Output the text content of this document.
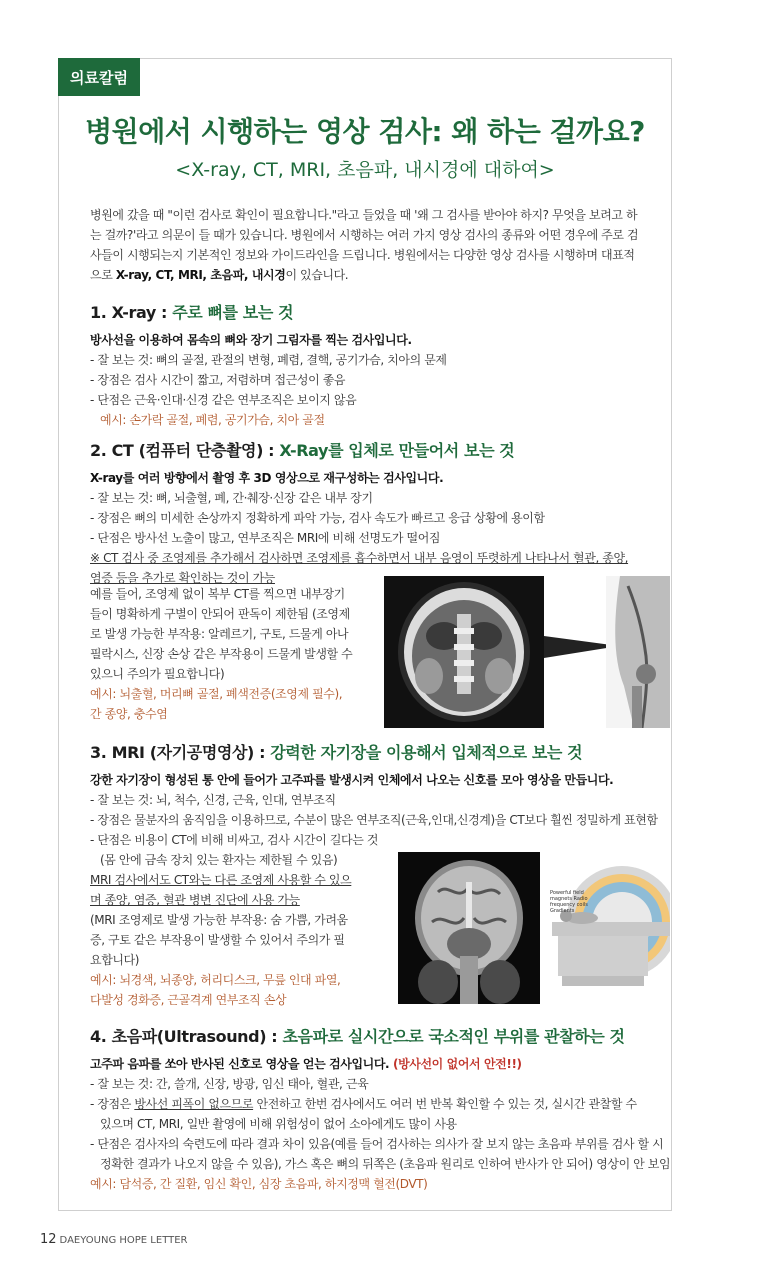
의료칼럼
병원에서 시행하는 영상 검사: 왜 하는 걸까요?
<X-ray, CT, MRI, 초음파, 내시경에 대하여>
병원에 갔을 때 "이런 검사로 확인이 필요합니다."라고 들었을 때 '왜 그 검사를 받아야 하지? 무엇을 보려고 하
는 걸까?'라고 의문이 들 때가 있습니다. 병원에서 시행하는 여러 가지 영상 검사의 종류와 어떤 경우에 주로 검
사들이 시행되는지 기본적인 정보와 가이드라인을 드립니다. 병원에서는 다양한 영상 검사를 시행하며 대표적
으로 X-ray, CT, MRI, 초음파, 내시경이 있습니다.
1. X-ray : 주로 뼈를 보는 것
방사선을 이용하여 몸속의 뼈와 장기 그림자를 찍는 검사입니다.
- 잘 보는 것: 뼈의 골절, 관절의 변형, 폐렴, 결핵, 공기가슴, 치아의 문제
- 장점은 검사 시간이 짧고, 저렴하며 접근성이 좋음
- 단점은 근육·인대·신경 같은 연부조직은 보이지 않음
예시: 손가락 골절, 폐렴, 공기가슴, 치아 골절
2. CT (컴퓨터 단층촬영) : X-Ray를 입체로 만들어서 보는 것
X-ray를 여러 방향에서 촬영 후 3D 영상으로 재구성하는 검사입니다.
- 잘 보는 것: 뼈, 뇌출혈, 폐, 간·췌장·신장 같은 내부 장기
- 장점은 뼈의 미세한 손상까지 정확하게 파악 가능, 검사 속도가 빠르고 응급 상황에 용이함
- 단점은 방사선 노출이 많고, 연부조직은 MRI에 비해 선명도가 떨어짐
※ CT 검사 중 조영제를 추가해서 검사하면 조영제를 흡수하면서 내부 음영이 뚜렷하게 나타나서 혈관, 종양,
염증 등을 추가로 확인하는 것이 가능
예를 들어, 조영제 없이 복부 CT를 찍으면 내부장기
들이 명확하게 구별이 안되어 판독이 제한됨 (조영제
로 발생 가능한 부작용: 알레르기, 구토, 드물게 아나
필락시스, 신장 손상 같은 부작용이 드물게 발생할 수
있으니 주의가 필요합니다)
예시: 뇌출혈, 머리뼈 골절, 폐색전증(조영제 필수),
간 종양, 충수염
3. MRI (자기공명영상) : 강력한 자기장을 이용해서 입체적으로 보는 것
강한 자기장이 형성된 통 안에 들어가 고주파를 발생시켜 인체에서 나오는 신호를 모아 영상을 만듭니다.
- 잘 보는 것: 뇌, 척수, 신경, 근육, 인대, 연부조직
- 장점은 물분자의 움직임을 이용하므로, 수분이 많은 연부조직(근육,인대,신경계)을 CT보다 훨씬 정밀하게 표현함
- 단점은 비용이 CT에 비해 비싸고, 검사 시간이 길다는 것
(몸 안에 금속 장치 있는 환자는 제한될 수 있음)
MRI 검사에서도 CT와는 다른 조영제 사용할 수 있으
며 종양, 염증, 혈관 병변 진단에 사용 가능
(MRI 조영제로 발생 가능한 부작용: 숨 가쁨, 가려움
증, 구토 같은 부작용이 발생할 수 있어서 주의가 필
요합니다)
예시: 뇌경색, 뇌종양, 허리디스크, 무릎 인대 파열,
다발성 경화증, 근골격계 연부조직 손상
Powerful field magnets Radio frequency coils Gradients
4. 초음파(Ultrasound) : 초음파로 실시간으로 국소적인 부위를 관찰하는 것
고주파 음파를 쏘아 반사된 신호로 영상을 얻는 검사입니다. (방사선이 없어서 안전!!)
- 잘 보는 것: 간, 쓸개, 신장, 방광, 임신 태아, 혈관, 근육
- 장점은 방사선 피폭이 없으므로 안전하고 한번 검사에서도 여러 번 반복 확인할 수 있는 것, 실시간 관찰할 수
있으며 CT, MRI, 일반 촬영에 비해 위험성이 없어 소아에게도 많이 사용
- 단점은 검사자의 숙련도에 따라 결과 차이 있음(예를 들어 검사하는 의사가 잘 보지 않는 초음파 부위를 검사 할 시
정확한 결과가 나오지 않을 수 있음), 가스 혹은 뼈의 뒤쪽은 (초음파 원리로 인하여 반사가 안 되어) 영상이 안 보임
예시: 담석증, 간 질환, 임신 확인, 심장 초음파, 하지정맥 혈전(DVT)
12 DAEYOUNG HOPE LETTER
